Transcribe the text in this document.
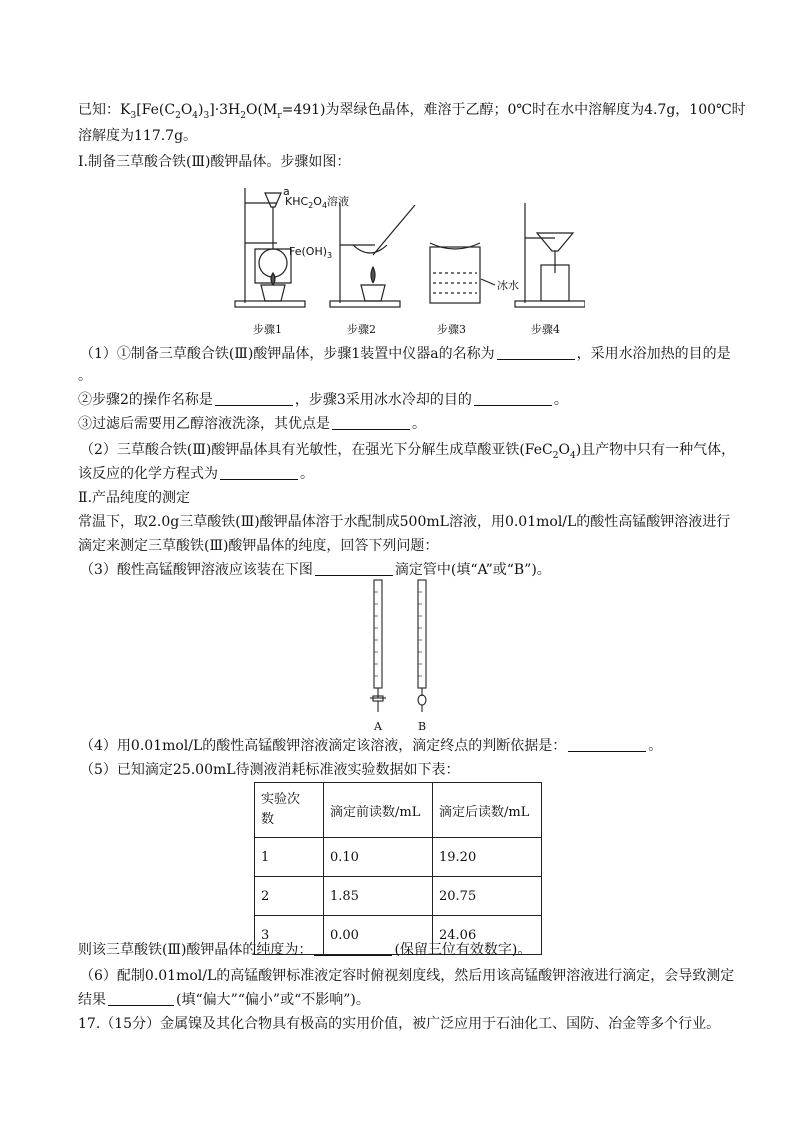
已知：$K_3[Fe(C_2O_4)_3]\cdot 3H_2O(M_r=491)$为翠绿色晶体，难溶于乙醇；0℃时在水中溶解度为4.7g，100℃时
溶解度为117.7g。
Ⅰ.制备三草酸合铁(Ⅲ)酸钾晶体。步骤如图：
a
$KHC_2O_4$溶液
$Fe(OH)_3$
冰水
步骤1	步骤2	步骤3	步骤4
（1）①制备三草酸合铁(Ⅲ)酸钾晶体，步骤1装置中仪器a的名称为	，采用水浴加热的目的是
。
②步骤2的操作名称是	，步骤3采用冰水冷却的目的	。
③过滤后需要用乙醇溶液洗涤，其优点是	。
（2）三草酸合铁(Ⅲ)酸钾晶体具有光敏性，在强光下分解生成草酸亚铁$(FeC_2O_4)$且产物中只有一种气体，
该反应的化学方程式为	。
Ⅱ.产品纯度的测定
常温下，取2.0g三草酸铁(Ⅲ)酸钾晶体溶于水配制成500mL溶液，用0.01mol/L的酸性高锰酸钾溶液进行
滴定来测定三草酸铁(Ⅲ)酸钾晶体的纯度，回答下列问题：
（3）酸性高锰酸钾溶液应该装在下图	滴定管中(填“A”或“B”)。
A	B
（4）用0.01mol/L的酸性高锰酸钾溶液滴定该溶液，滴定终点的判断依据是：	。
（5）已知滴定25.00mL待测液消耗标准液实验数据如下表：
实验次
数	滴定前读数/mL	滴定后读数/mL
1	0.10	19.20
2	1.85	20.75
3	0.00	24.06
则该三草酸铁(Ⅲ)酸钾晶体的纯度为：	(保留三位有效数字)。
（6）配制0.01mol/L的高锰酸钾标准液定容时俯视刻度线，然后用该高锰酸钾溶液进行滴定，会导致测定
结果	(填“偏大”“偏小”或“不影响”)。
17.（15分）金属镍及其化合物具有极高的实用价值，被广泛应用于石油化工、国防、冶金等多个行业。
